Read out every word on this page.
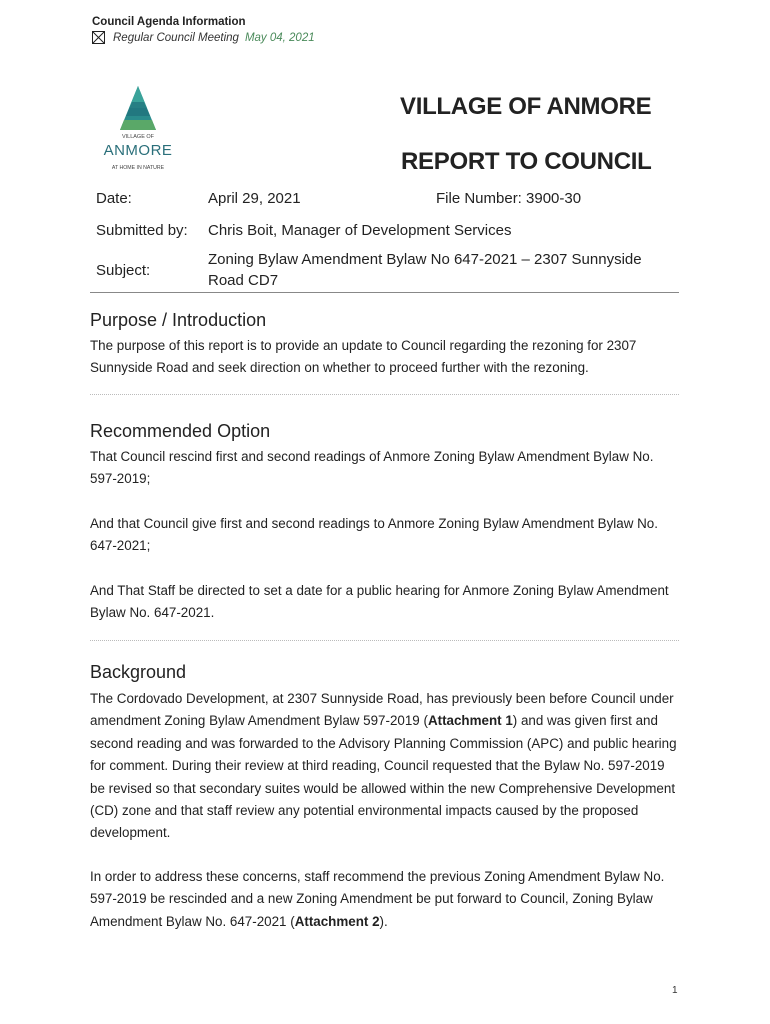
Council Agenda Information
Regular Council Meeting May 04, 2021
VILLAGE OF
ANMORE
AT HOME IN NATURE
VILLAGE OF ANMORE
REPORT TO COUNCIL
Date:	April 29, 2021	File Number: 3900-30
Submitted by: Chris Boit, Manager of Development Services
Subject:
Zoning Bylaw Amendment Bylaw No 647-2021 – 2307 Sunnyside
Road CD7
Purpose / Introduction
The purpose of this report is to provide an update to Council regarding the rezoning for 2307 Sunnyside Road and seek direction on whether to proceed further with the rezoning.
Recommended Option
That Council rescind first and second readings of Anmore Zoning Bylaw Amendment Bylaw No. 597-2019;
And that Council give first and second readings to Anmore Zoning Bylaw Amendment Bylaw No. 647-2021;
And That Staff be directed to set a date for a public hearing for Anmore Zoning Bylaw Amendment Bylaw No. 647-2021.
Background
The Cordovado Development, at 2307 Sunnyside Road, has previously been before Council under amendment Zoning Bylaw Amendment Bylaw 597-2019 (Attachment 1) and was given first and second reading and was forwarded to the Advisory Planning Commission (APC) and public hearing for comment. During their review at third reading, Council requested that the Bylaw No. 597-2019 be revised so that secondary suites would be allowed within the new Comprehensive Development (CD) zone and that staff review any potential environmental impacts caused by the proposed development.
In order to address these concerns, staff recommend the previous Zoning Amendment Bylaw No. 597-2019 be rescinded and a new Zoning Amendment be put forward to Council, Zoning Bylaw Amendment Bylaw No. 647-2021 (Attachment 2).
1
